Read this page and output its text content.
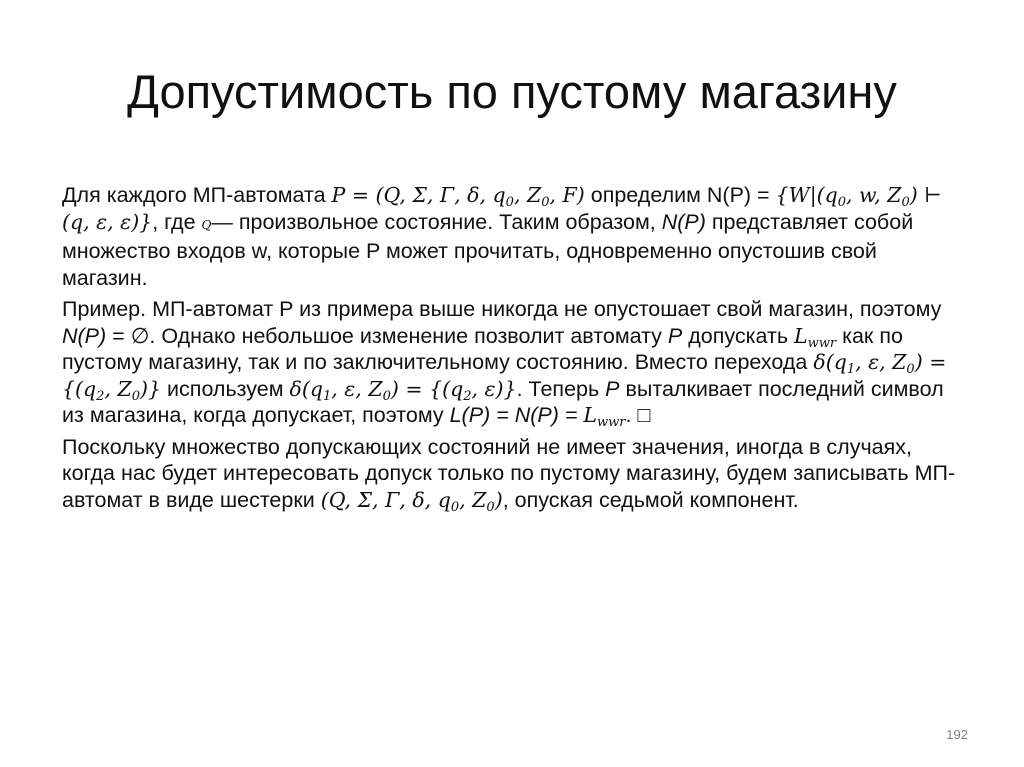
Допустимость по пустому магазину

Для каждого МП-автомата P = (Q, Σ, Γ, δ, $q_0$, $Z_0$, F) определим $N(P) = \{W|(q_0$, w, $Z_0$) ⊢ (q, ε, ε)}, где Q— произвольное состояние. Таким образом, N(P) представляет собой множество входов w, которые P может прочитать, одновременно опустошив свой магазин.

Пример. МП-автомат P из примера выше никогда не опустошает свой магазин, поэтому N(P) = ∅. Однако небольшое изменение позволит автомату P допускать $L_{wwr}$ как по пустому магазину, так и по заключительному состоянию. Вместо перехода $\delta(q_1$, ε, $Z_0) = \{(q_2$, $Z_0$)} используем $\delta(q_1$, ε, $Z_0) = \{(q_2$, ε)}. Теперь P выталкивает последний символ из магазина, когда допускает, поэтому $L(P) = N(P) = L_{wwr}$. □

Поскольку множество допускающих состояний не имеет значения, иногда в случаях, когда нас будет интересовать допуск только по пустому магазину, будем записывать МП-автомат в виде шестерки (Q, Σ, Γ, δ, $q_0$, $Z_0$), опуская седьмой компонент.

192
